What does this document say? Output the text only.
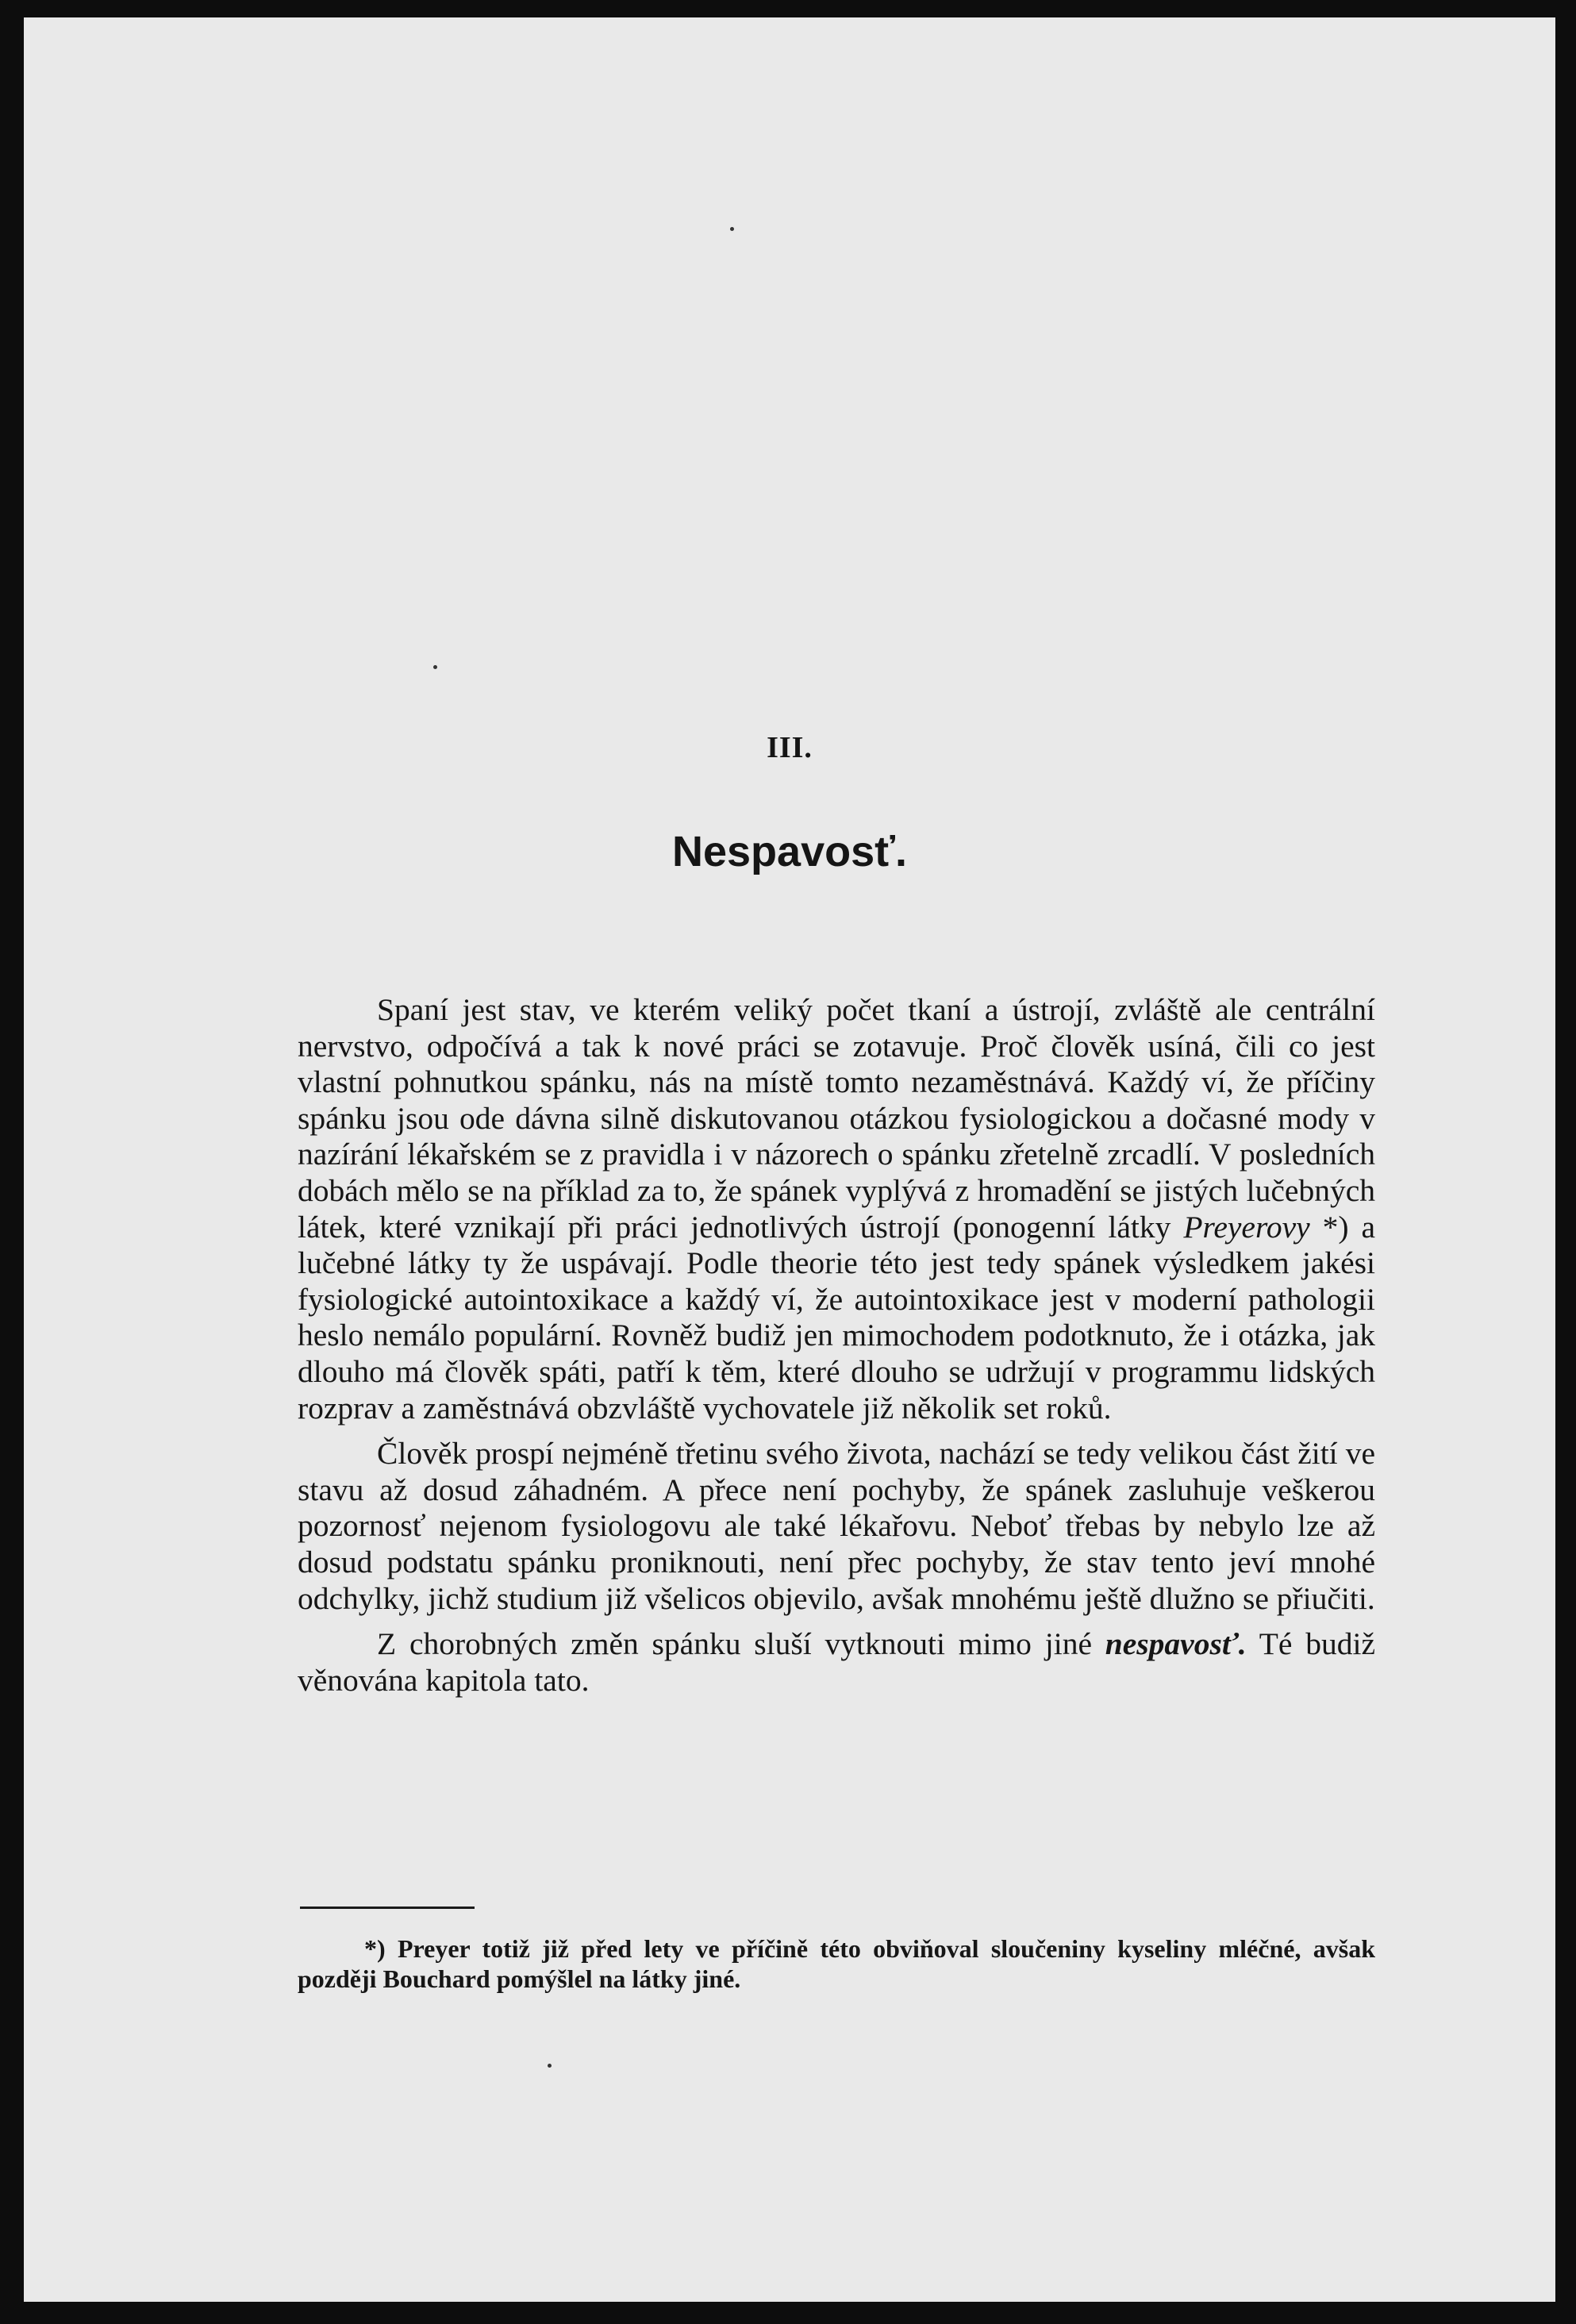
III.
Nespavosť.

Spaní jest stav, ve kterém veliký počet tkaní a ústrojí, zvláště ale centrální nervstvo, odpočívá a tak k nové práci se zotavuje. Proč člověk usíná, čili co jest vlastní pohnutkou spánku, nás na místě tomto nezaměstnává. Každý ví, že příčiny spánku jsou ode dávna silně diskutovanou otázkou fysiologickou a dočasné mody v nazírání lékařském se z pravidla i v názorech o spánku zřetelně zrcadlí. V posledních dobách mělo se na příklad za to, že spánek vyplývá z hromadění se jistých lučebných látek, které vznikají při práci jednotlivých ústrojí (ponogenní látky Preyerovy *) a lučebné látky ty že uspávají. Podle theorie této jest tedy spánek výsledkem jakési fysiologické autointoxikace a každý ví, že autointoxikace jest v moderní pathologii heslo nemálo populární. Rovněž budiž jen mimochodem podotknuto, že i otázka, jak dlouho má člověk spáti, patří k těm, které dlouho se udržují v programmu lidských rozprav a zaměstnává obzvláště vychovatele již několik set roků.

Člověk prospí nejméně třetinu svého života, nachází se tedy velikou část žití ve stavu až dosud záhadném. A přece není pochyby, že spánek zasluhuje veškerou pozornosť nejenom fysiologovu ale také lékařovu. Neboť třebas by nebylo lze až dosud podstatu spánku proniknouti, není přec pochyby, že stav tento jeví mnohé odchylky, jichž studium již všelicos objevilo, avšak mnohému ještě dlužno se přiučiti.

Z chorobných změn spánku sluší vytknouti mimo jiné nespavosť. Té budiž věnována kapitola tato.

*) Preyer totiž již před lety ve příčině této obviňoval sloučeniny kyseliny mléčné, avšak později Bouchard pomýšlel na látky jiné.
